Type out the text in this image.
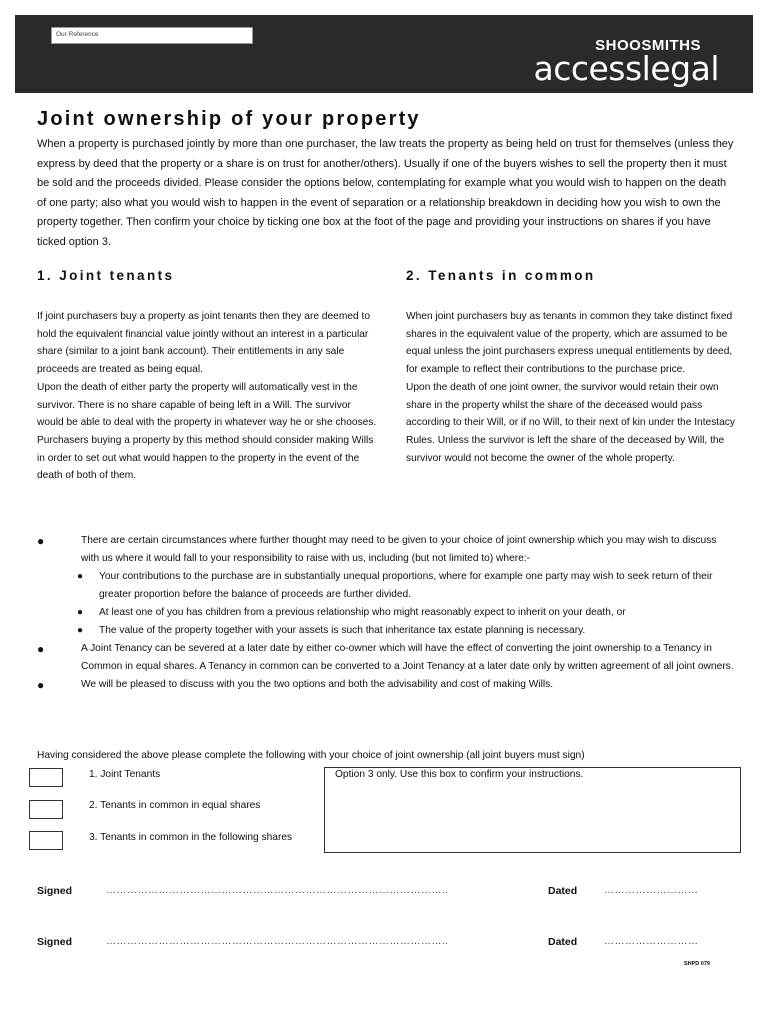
Our Reference
SHOOSMITHS
accesslegal
Joint ownership of your property
When a property is purchased jointly by more than one purchaser, the law treats the property as being held on trust for themselves (unless they express by deed that the property or a share is on trust for another/others). Usually if one of the buyers wishes to sell the property then it must be sold and the proceeds divided. Please consider the options below, contemplating for example what you would wish to happen on the death of one party; also what you would wish to happen in the event of separation or a relationship breakdown in deciding how you wish to own the property together. Then confirm your choice by ticking one box at the foot of the page and providing your instructions on shares if you have ticked option 3.
1. Joint tenants	2. Tenants in common
If joint purchasers buy a property as joint tenants then they are deemed to hold the equivalent financial value jointly without an interest in a particular share (similar to a joint bank account). Their entitlements in any sale proceeds are treated as being equal.
Upon the death of either party the property will automatically vest in the survivor. There is no share capable of being left in a Will. The survivor would be able to deal with the property in whatever way he or she chooses.
Purchasers buying a property by this method should consider making Wills in order to set out what would happen to the property in the event of the death of both of them.
When joint purchasers buy as tenants in common they take distinct fixed shares in the equivalent value of the property, which are assumed to be equal unless the joint purchasers express unequal entitlements by deed, for example to reflect their contributions to the purchase price.
Upon the death of one joint owner, the survivor would retain their own share in the property whilst the share of the deceased would pass according to their Will, or if no Will, to their next of kin under the Intestacy Rules. Unless the survivor is left the share of the deceased by Will, the survivor would not become the owner of the whole property.
●	There are certain circumstances where further thought may need to be given to your choice of joint ownership which you may wish to discuss with us where it would fall to your responsibility to raise with us, including (but not limited to) where:-
● Your contributions to the purchase are in substantially unequal proportions, where for example one party may wish to seek return of their greater proportion before the balance of proceeds are further divided.
● At least one of you has children from a previous relationship who might reasonably expect to inherit on your death, or
● The value of the property together with your assets is such that inheritance tax estate planning is necessary.
●	A Joint Tenancy can be severed at a later date by either co-owner which will have the effect of converting the joint ownership to a Tenancy in Common in equal shares. A Tenancy in common can be converted to a Joint Tenancy at a later date only by written agreement of all joint owners.
●	We will be pleased to discuss with you the two options and both the advisability and cost of making Wills.
Having considered the above please complete the following with your choice of joint ownership (all joint buyers must sign)
1. Joint Tenants
2. Tenants in common in equal shares
3. Tenants in common in the following shares
Option 3 only. Use this box to confirm your instructions.
Signed	……………………………………………………………………………………..	Dated	………………………
Signed	……………………………………………………………………………………..	Dated	………………………
SHPD 079
